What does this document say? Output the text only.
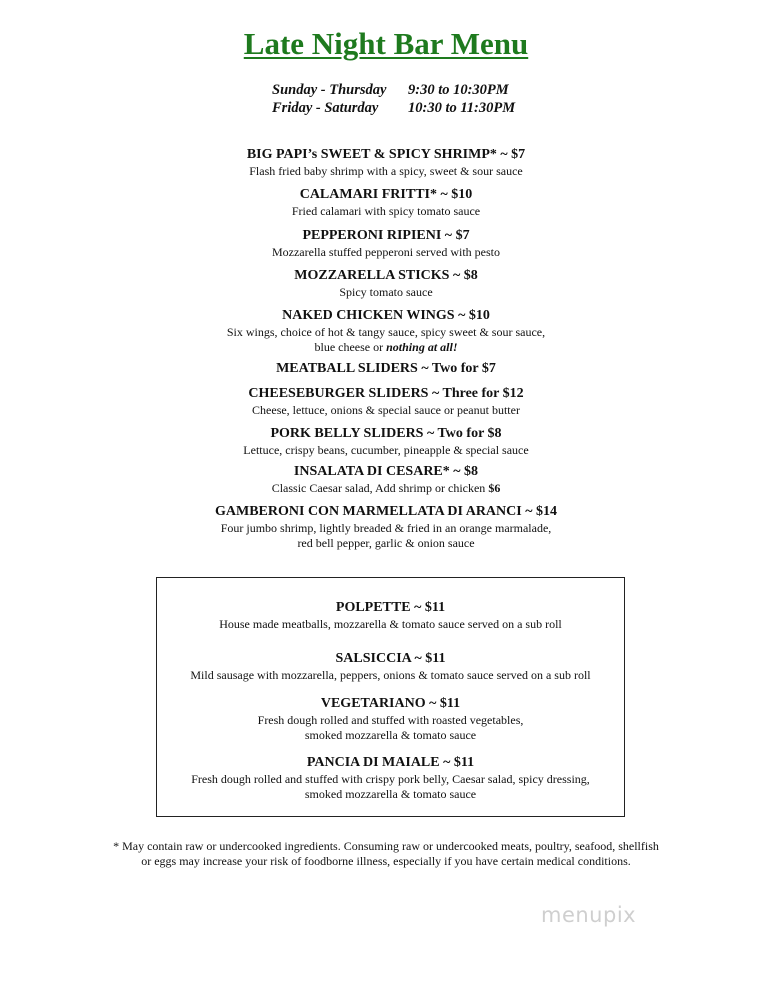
Late Night Bar Menu
Sunday - Thursday 9:30 to 10:30PM
Friday - Saturday 10:30 to 11:30PM
BIG PAPI’s SWEET & SPICY SHRIMP* ~ $7
Flash fried baby shrimp with a spicy, sweet & sour sauce
CALAMARI FRITTI* ~ $10
Fried calamari with spicy tomato sauce
PEPPERONI RIPIENI ~ $7
Mozzarella stuffed pepperoni served with pesto
MOZZARELLA STICKS ~ $8
Spicy tomato sauce
NAKED CHICKEN WINGS ~ $10
Six wings, choice of hot & tangy sauce, spicy sweet & sour sauce,
blue cheese or nothing at all!
MEATBALL SLIDERS ~ Two for $7
CHEESEBURGER SLIDERS ~ Three for $12
Cheese, lettuce, onions & special sauce or peanut butter
PORK BELLY SLIDERS ~ Two for $8
Lettuce, crispy beans, cucumber, pineapple & special sauce
INSALATA DI CESARE* ~ $8
Classic Caesar salad, Add shrimp or chicken $6
GAMBERONI CON MARMELLATA DI ARANCI ~ $14
Four jumbo shrimp, lightly breaded & fried in an orange marmalade,
red bell pepper, garlic & onion sauce
POLPETTE ~ $11
House made meatballs, mozzarella & tomato sauce served on a sub roll
SALSICCIA ~ $11
Mild sausage with mozzarella, peppers, onions & tomato sauce served on a sub roll
VEGETARIANO ~ $11
Fresh dough rolled and stuffed with roasted vegetables,
smoked mozzarella & tomato sauce
PANCIA DI MAIALE ~ $11
Fresh dough rolled and stuffed with crispy pork belly, Caesar salad, spicy dressing,
smoked mozzarella & tomato sauce
* May contain raw or undercooked ingredients. Consuming raw or undercooked meats, poultry, seafood, shellfish
or eggs may increase your risk of foodborne illness, especially if you have certain medical conditions.
menupix
